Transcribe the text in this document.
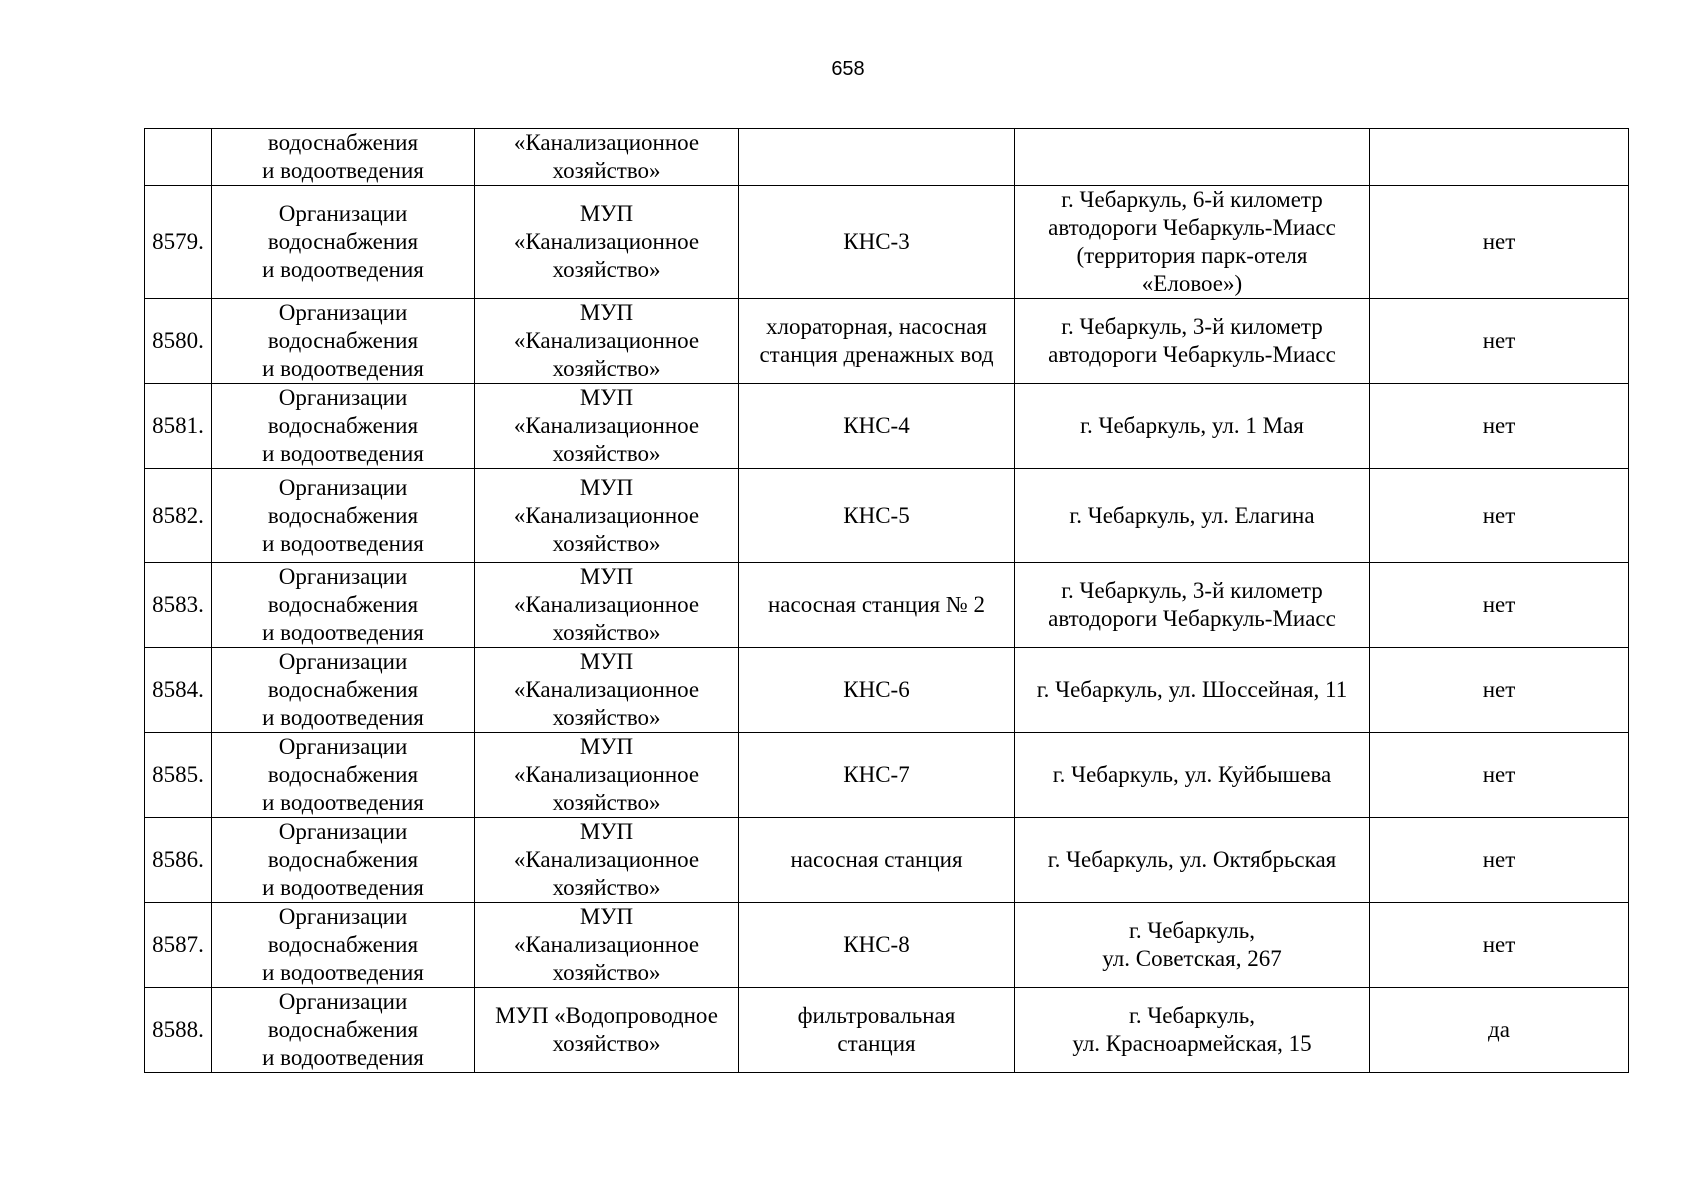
658
	водоснабжения
и водоотведения	«Канализационное
хозяйство»			
8579.	Организации
водоснабжения
и водоотведения	МУП
«Канализационное
хозяйство»	КНС-3	г. Чебаркуль, 6-й километр
автодороги Чебаркуль-Миасс
(территория парк-отеля
«Еловое»)	нет
8580.	Организации
водоснабжения
и водоотведения	МУП
«Канализационное
хозяйство»	хлораторная, насосная
станция дренажных вод	г. Чебаркуль, 3-й километр
автодороги Чебаркуль-Миасс	нет
8581.	Организации
водоснабжения
и водоотведения	МУП
«Канализационное
хозяйство»	КНС-4	г. Чебаркуль, ул. 1 Мая	нет
8582.	Организации
водоснабжения
и водоотведения	МУП
«Канализационное
хозяйство»	КНС-5	г. Чебаркуль, ул. Елагина	нет
8583.	Организации
водоснабжения
и водоотведения	МУП
«Канализационное
хозяйство»	насосная станция № 2	г. Чебаркуль, 3-й километр
автодороги Чебаркуль-Миасс	нет
8584.	Организации
водоснабжения
и водоотведения	МУП
«Канализационное
хозяйство»	КНС-6	г. Чебаркуль, ул. Шоссейная, 11	нет
8585.	Организации
водоснабжения
и водоотведения	МУП
«Канализационное
хозяйство»	КНС-7	г. Чебаркуль, ул. Куйбышева	нет
8586.	Организации
водоснабжения
и водоотведения	МУП
«Канализационное
хозяйство»	насосная станция	г. Чебаркуль, ул. Октябрьская	нет
8587.	Организации
водоснабжения
и водоотведения	МУП
«Канализационное
хозяйство»	КНС-8	г. Чебаркуль,
ул. Советская, 267	нет
8588.	Организации
водоснабжения
и водоотведения	МУП «Водопроводное
хозяйство»	фильтровальная
станция	г. Чебаркуль,
ул. Красноармейская, 15	да
